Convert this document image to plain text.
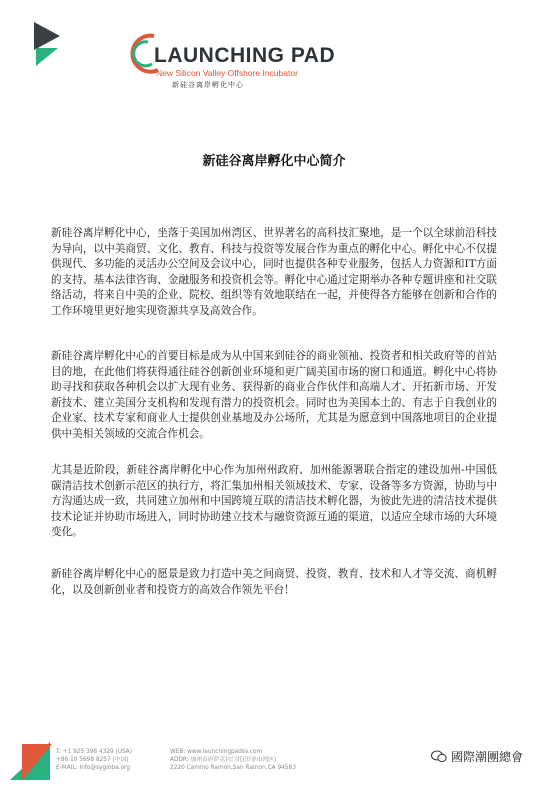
LAUNCHING PAD
New Silicon Valley Offshore Incubator
新硅谷离岸孵化中心
新硅谷离岸孵化中心简介
新硅谷离岸孵化中心，坐落于美国加州湾区、世界著名的高科技汇聚地，是一个以全球前沿科技为导向，以中美商贸、文化、教育、科技与投资等发展合作为重点的孵化中心。孵化中心不仅提供现代、多功能的灵活办公空间及会议中心，同时也提供各种专业服务，包括人力资源和IT方面的支持、基本法律咨询、金融服务和投资机会等。孵化中心通过定期举办各种专题讲座和社交联络活动，将来自中美的企业、院校、组织等有效地联结在一起，并使得各方能够在创新和合作的工作环境里更好地实现资源共享及高效合作。
新硅谷离岸孵化中心的首要目标是成为从中国来到硅谷的商业领袖、投资者和相关政府等的首站目的地，在此他们将获得通往硅谷创新创业环境和更广阔美国市场的窗口和通道。孵化中心将协助寻找和获取各种机会以扩大现有业务、获得新的商业合作伙伴和高端人才、开拓新市场、开发新技术、建立美国分支机构和发现有潜力的投资机会。同时也为美国本土的、有志于自我创业的企业家、技术专家和商业人士提供创业基地及办公场所，尤其是为愿意到中国落地项目的企业提供中美相关领域的交流合作机会。
尤其是近阶段，新硅谷离岸孵化中心作为加州州政府、加州能源署联合指定的建设加州-中国低碳清洁技术创新示范区的执行方，将汇集加州相关领域技术、专家、设备等多方资源，协助与中方沟通达成一致，共同建立加州和中国跨境互联的清洁技术孵化器，为彼此先进的清洁技术提供技术论证并协助市场进入，同时协助建立技术与融资资源互通的渠道，以适应全球市场的大环境变化。
新硅谷离岸孵化中心的愿景是致力打造中美之间商贸、投资、教育、技术和人才等交流、商机孵化，以及创新创业者和投资方的高效合作领先平台！
T: +1 925 398 4329 (USA)
+86 10 5698 8257 (中国)
E-MAIL: info@sygloba.org
WEB: www.launchingpadsv.com
ADDR: 加州首府萨克拉门托(旧金山湾区)
2220 Camino Ramon,San Ramon,CA 94583
國際潮團總會
